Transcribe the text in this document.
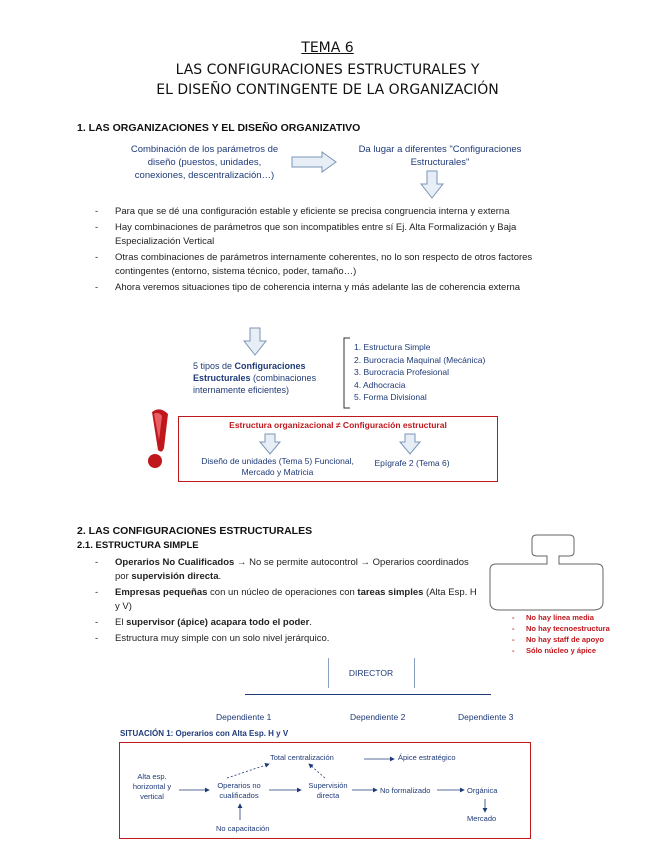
TEMA 6
LAS CONFIGURACIONES ESTRUCTURALES Y
EL DISEÑO CONTINGENTE DE LA ORGANIZACIÓN
1. LAS ORGANIZACIONES Y EL DISEÑO ORGANIZATIVO
Combinación de los parámetros de diseño (puestos, unidades, conexiones, descentralización…)
Da lugar a diferentes "Configuraciones Estructurales"
- Para que se dé una configuración estable y eficiente se precisa congruencia interna y externa
- Hay combinaciones de parámetros que son incompatibles entre sí Ej. Alta Formalización y Baja Especialización Vertical
- Otras combinaciones de parámetros internamente coherentes, no lo son respecto de otros factores contingentes (entorno, sistema técnico, poder, tamaño…)
- Ahora veremos situaciones tipo de coherencia interna y más adelante las de coherencia externa
5 tipos de Configuraciones Estructurales (combinaciones internamente eficientes)
1. Estructura Simple
2. Burocracia Maquinal (Mecánica)
3. Burocracia Profesional
4. Adhocracia
5. Forma Divisional
Estructura organizacional ≠ Configuración estructural
Diseño de unidades (Tema 5) Funcional, Mercado y Matricia
Epígrafe 2 (Tema 6)
2. LAS CONFIGURACIONES ESTRUCTURALES
2.1. ESTRUCTURA SIMPLE
- Operarios No Cualificados → No se permite autocontrol → Operarios coordinados por supervisión directa.
- Empresas pequeñas con un núcleo de operaciones con tareas simples (Alta Esp. H y V)
- El supervisor (ápice) acapara todo el poder.
- Estructura muy simple con un solo nivel jerárquico.
- No hay línea media
- No hay tecnoestructura
- No hay staff de apoyo
- Sólo núcleo y ápice
DIRECTOR
Dependiente 1	Dependiente 2	Dependiente 3
SITUACIÓN 1: Operarios con Alta Esp. H y V
Total centralización	Ápice estratégico
Alta esp. horizontal y vertical
Operarios no cualificados
Supervisión directa
No formalizado	Orgánica
Mercado
No capacitación
